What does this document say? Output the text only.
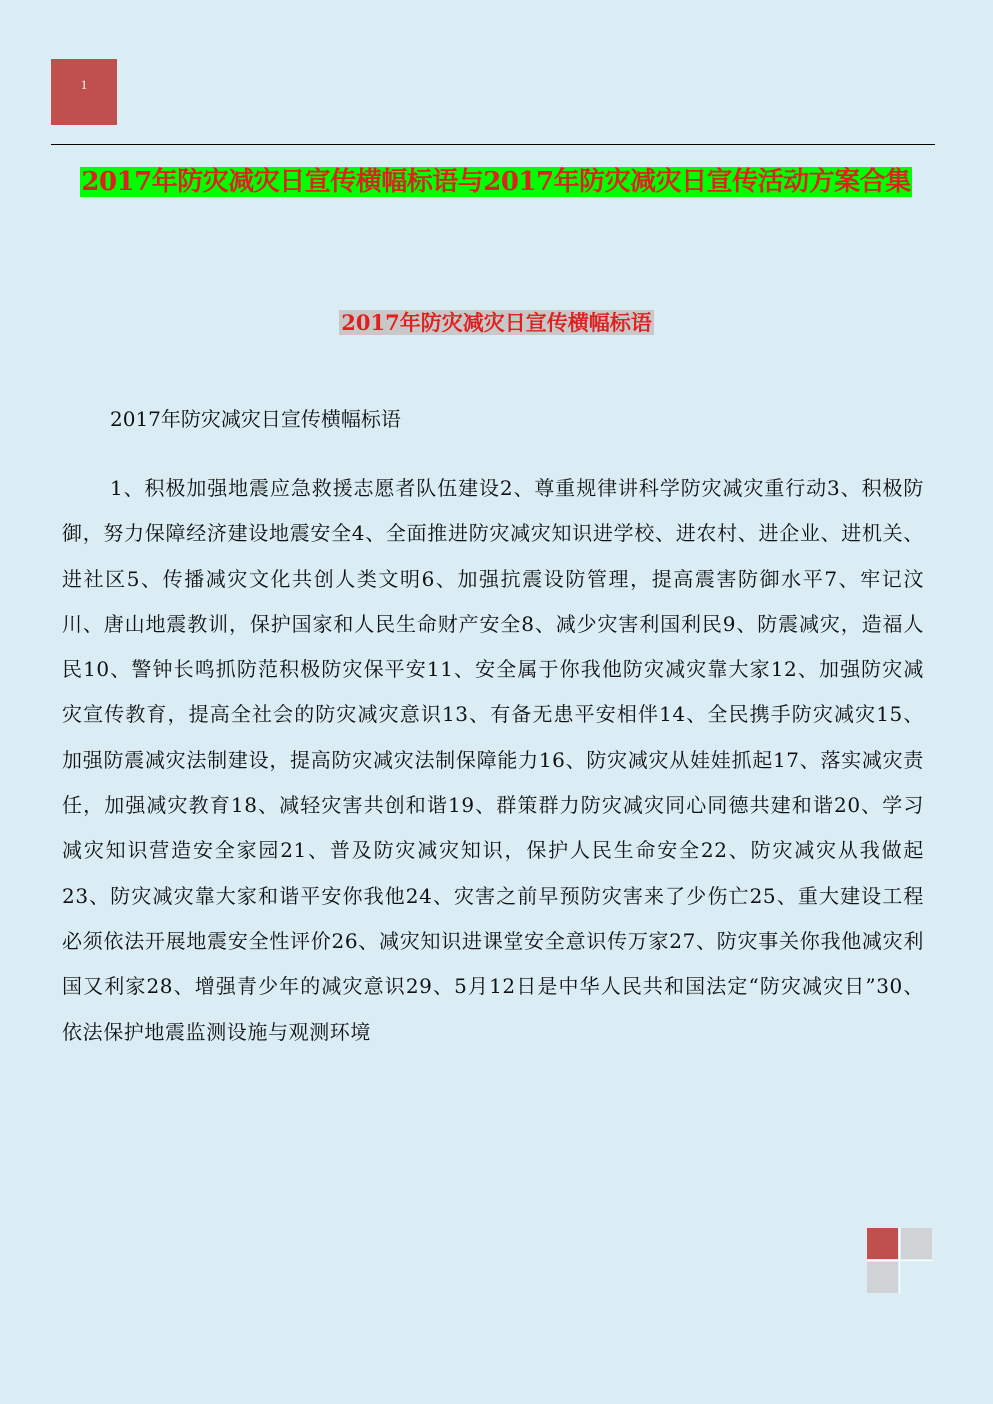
1
2017年防灾减灾日宣传横幅标语与2017年防灾减灾日宣传活动方案合集
2017年防灾减灾日宣传横幅标语
2017年防灾减灾日宣传横幅标语

1、积极加强地震应急救援志愿者队伍建设2、尊重规律讲科学防灾减灾重行动3、积极防御，努力保障经济建设地震安全4、全面推进防灾减灾知识进学校、进农村、进企业、进机关、进社区5、传播减灾文化共创人类文明6、加强抗震设防管理，提高震害防御水平7、牢记汶川、唐山地震教训，保护国家和人民生命财产安全8、减少灾害利国利民9、防震减灾，造福人民10、警钟长鸣抓防范积极防灾保平安11、安全属于你我他防灾减灾靠大家12、加强防灾减灾宣传教育，提高全社会的防灾减灾意识13、有备无患平安相伴14、全民携手防灾减灾15、加强防震减灾法制建设，提高防灾减灾法制保障能力16、防灾减灾从娃娃抓起17、落实减灾责任，加强减灾教育18、减轻灾害共创和谐19、群策群力防灾减灾同心同德共建和谐20、学习减灾知识营造安全家园21、普及防灾减灾知识，保护人民生命安全22、防灾减灾从我做起23、防灾减灾靠大家和谐平安你我他24、灾害之前早预防灾害来了少伤亡25、重大建设工程必须依法开展地震安全性评价26、减灾知识进课堂安全意识传万家27、防灾事关你我他减灾利国又利家28、增强青少年的减灾意识29、5月12日是中华人民共和国法定“防灾减灾日”30、依法保护地震监测设施与观测环境
